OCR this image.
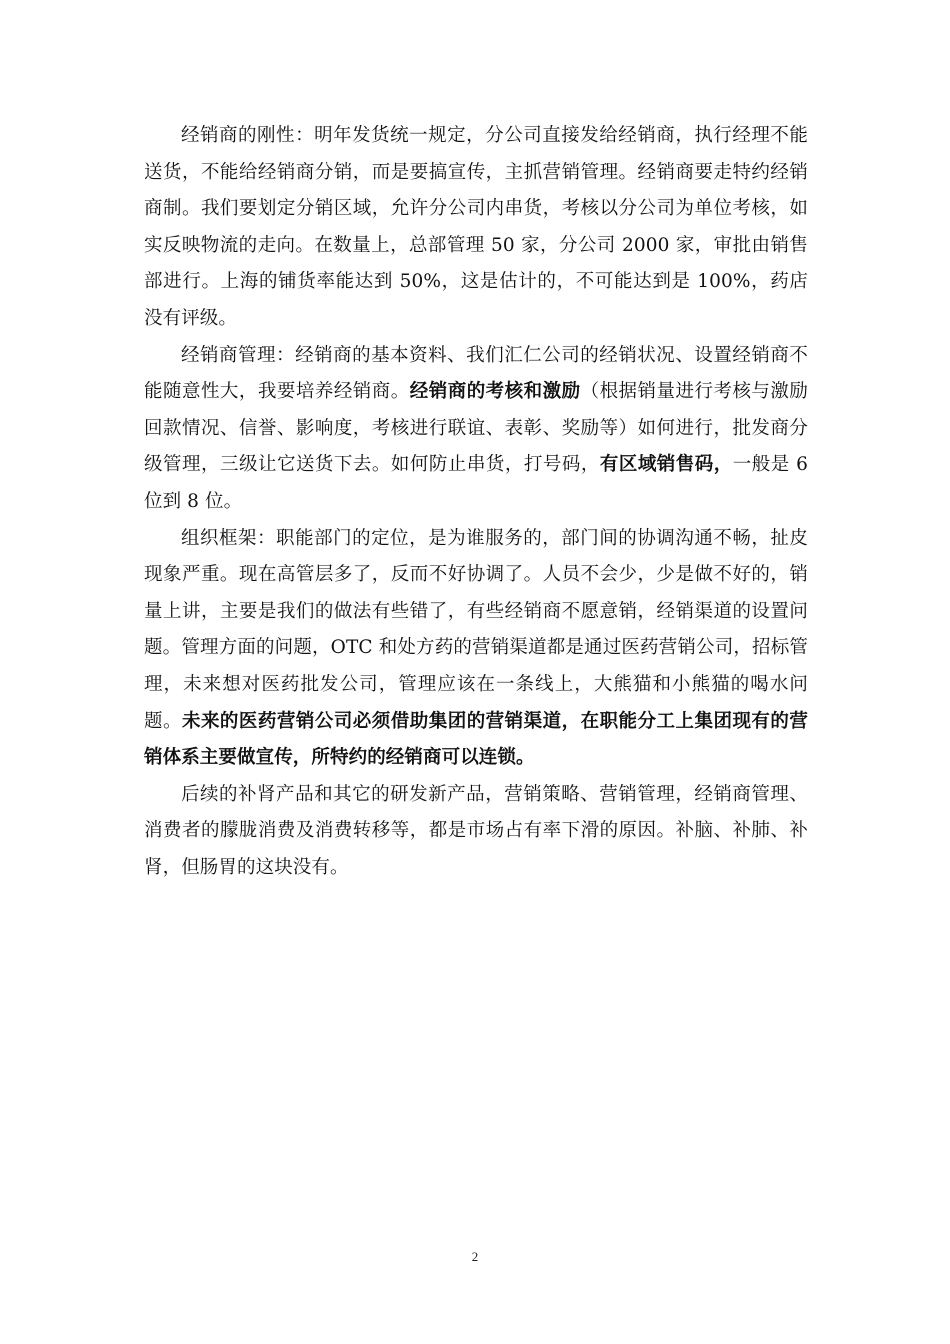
经销商的刚性：明年发货统一规定，分公司直接发给经销商，执行经理不能送货，不能给经销商分销，而是要搞宣传，主抓营销管理。经销商要走特约经销商制。我们要划定分销区域，允许分公司内串货，考核以分公司为单位考核，如实反映物流的走向。在数量上，总部管理 50 家，分公司 2000 家，审批由销售部进行。上海的铺货率能达到 50%，这是估计的，不可能达到是 100%，药店没有评级。

经销商管理：经销商的基本资料、我们汇仁公司的经销状况、设置经销商不能随意性大，我要培养经销商。经销商的考核和激励（根据销量进行考核与激励回款情况、信誉、影响度，考核进行联谊、表彰、奖励等）如何进行，批发商分级管理，三级让它送货下去。如何防止串货，打号码，有区域销售码，一般是 6 位到 8 位。

组织框架：职能部门的定位，是为谁服务的，部门间的协调沟通不畅，扯皮现象严重。现在高管层多了，反而不好协调了。人员不会少，少是做不好的，销量上讲，主要是我们的做法有些错了，有些经销商不愿意销，经销渠道的设置问题。管理方面的问题，OTC 和处方药的营销渠道都是通过医药营销公司，招标管理，未来想对医药批发公司，管理应该在一条线上，大熊猫和小熊猫的喝水问题。未来的医药营销公司必须借助集团的营销渠道，在职能分工上集团现有的营销体系主要做宣传，所特约的经销商可以连锁。

后续的补肾产品和其它的研发新产品，营销策略、营销管理，经销商管理、消费者的朦胧消费及消费转移等，都是市场占有率下滑的原因。补脑、补肺、补肾，但肠胃的这块没有。

2
